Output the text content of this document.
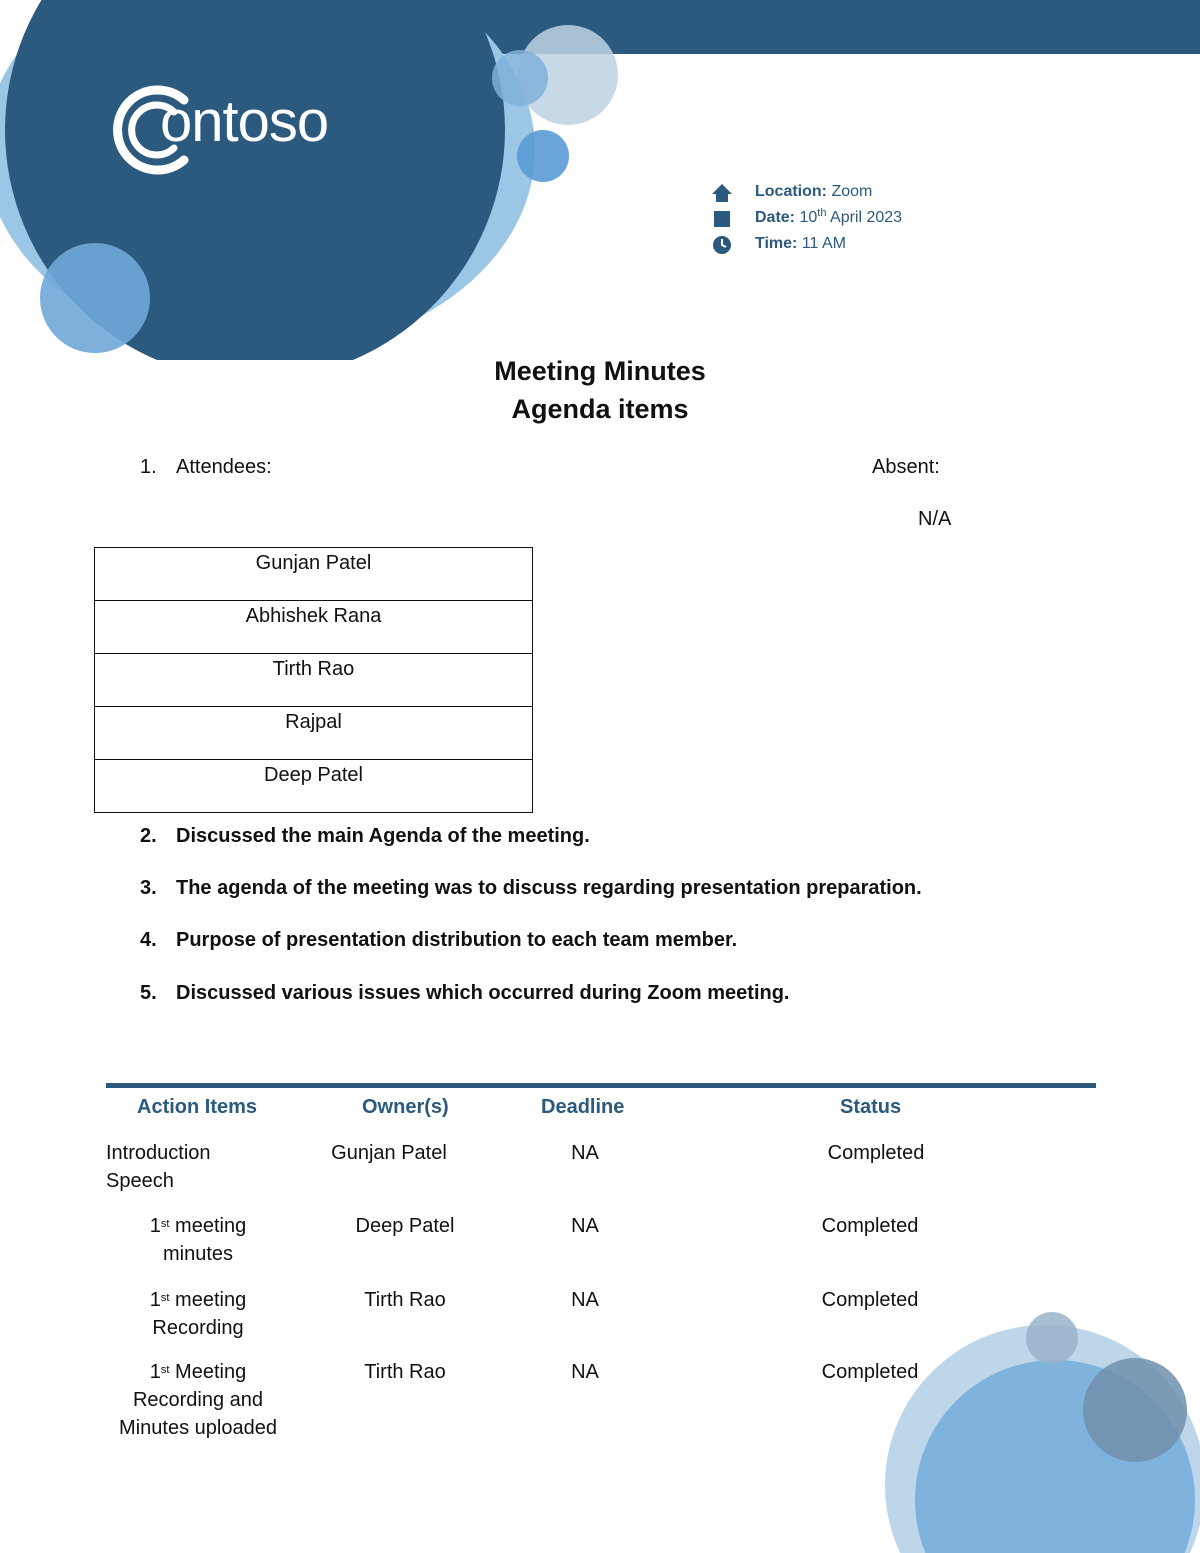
ontoso
Location: Zoom
Date: 10th April 2023
Time: 11 AM
Meeting Minutes
Agenda items
1. Attendees:	Absent:
N/A
Gunjan Patel
Abhishek Rana
Tirth Rao
Rajpal
Deep Patel
2. Discussed the main Agenda of the meeting.
3. The agenda of the meeting was to discuss regarding presentation preparation.
4. Purpose of presentation distribution to each team member.
5. Discussed various issues which occurred during Zoom meeting.
Action Items	Owner(s)	Deadline	Status
Introduction
Speech
Gunjan Patel	NA	Completed
1st meeting
minutes
Deep Patel	NA	Completed
1st meeting
Recording
Tirth Rao	NA	Completed
1st Meeting
Recording and
Minutes uploaded
Tirth Rao	NA	Completed
